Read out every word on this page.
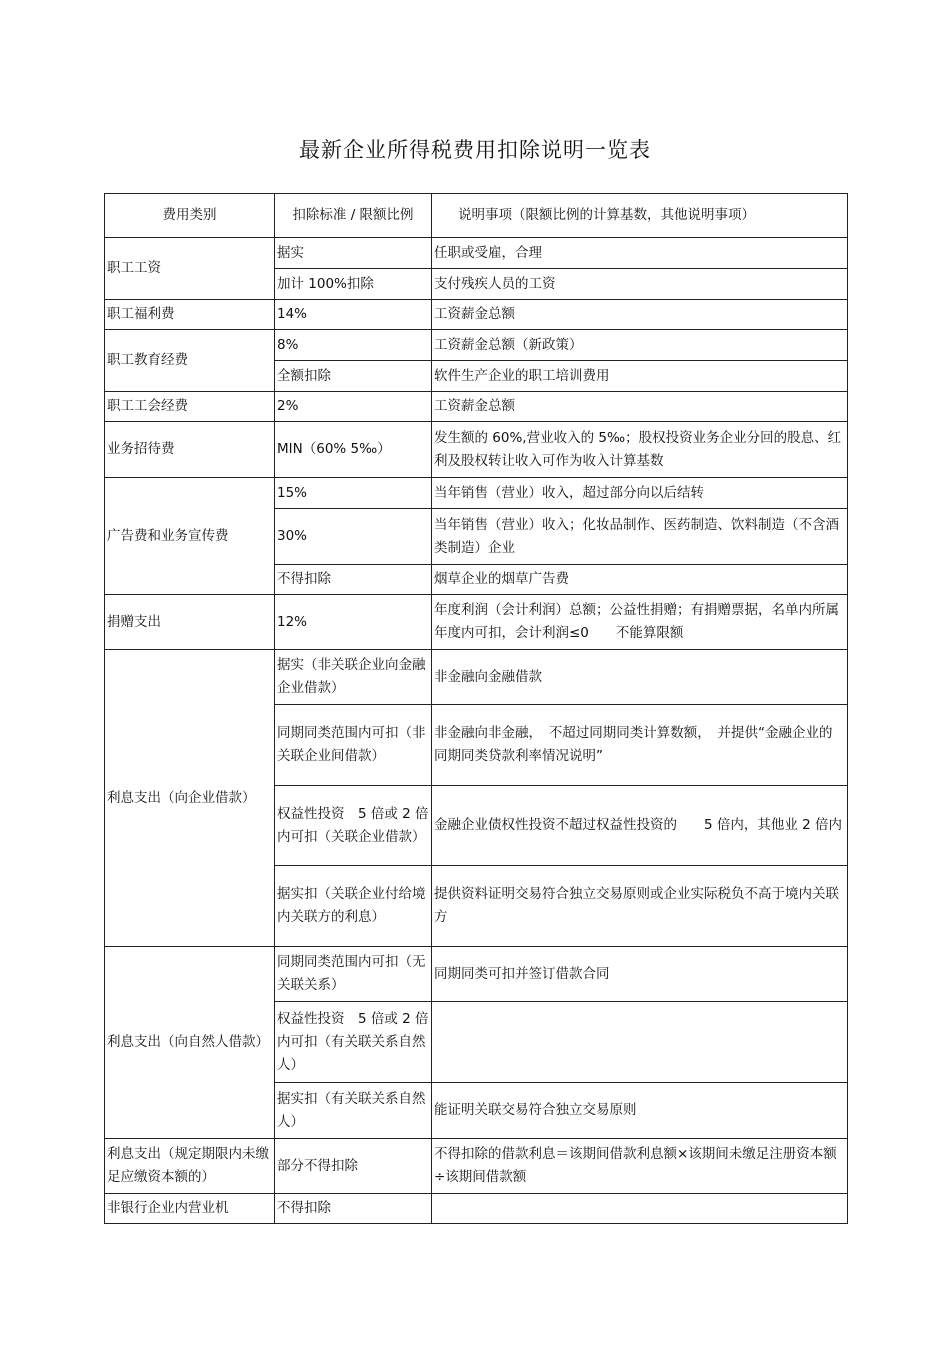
最新企业所得税费用扣除说明一览表
费用类别	扣除标准 / 限额比例	说明事项（限额比例的计算基数，其他说明事项）
职工工资	据实	任职或受雇，合理
	加计 100%扣除	支付残疾人员的工资
职工福利费	14%	工资薪金总额
职工教育经费	8%	工资薪金总额（新政策）
	全额扣除	软件生产企业的职工培训费用
职工工会经费	2%	工资薪金总额
业务招待费	MIN（60% 5‰）	发生额的 60%,营业收入的 5‰；股权投资业务企业分回的股息、红利及股权转让收入可作为收入计算基数
广告费和业务宣传费	15%	当年销售（营业）收入，超过部分向以后结转
	30%	当年销售（营业）收入；化妆品制作、医药制造、饮料制造（不含酒类制造）企业
	不得扣除	烟草企业的烟草广告费
捐赠支出	12%	年度利润（会计利润）总额；公益性捐赠；有捐赠票据，名单内所属年度内可扣，会计利润≤0　　不能算限额
利息支出（向企业借款）	据实（非关联企业向金融企业借款）	非金融向金融借款
	同期同类范围内可扣（非关联企业间借款）	非金融向非金融，　不超过同期同类计算数额，　并提供“金融企业的同期同类贷款利率情况说明”
	权益性投资　5 倍或 2 倍内可扣（关联企业借款）	金融企业债权性投资不超过权益性投资的　　5 倍内，其他业 2 倍内
	据实扣（关联企业付给境内关联方的利息）	提供资料证明交易符合独立交易原则或企业实际税负不高于境内关联方
利息支出（向自然人借款）	同期同类范围内可扣（无关联关系）	同期同类可扣并签订借款合同
	权益性投资　5 倍或 2 倍内可扣（有关联关系自然人）	
	据实扣（有关联关系自然人）	能证明关联交易符合独立交易原则
利息支出（规定期限内未缴足应缴资本额的）	部分不得扣除	不得扣除的借款利息＝该期间借款利息额×该期间未缴足注册资本额÷该期间借款额
非银行企业内营业机	不得扣除	
